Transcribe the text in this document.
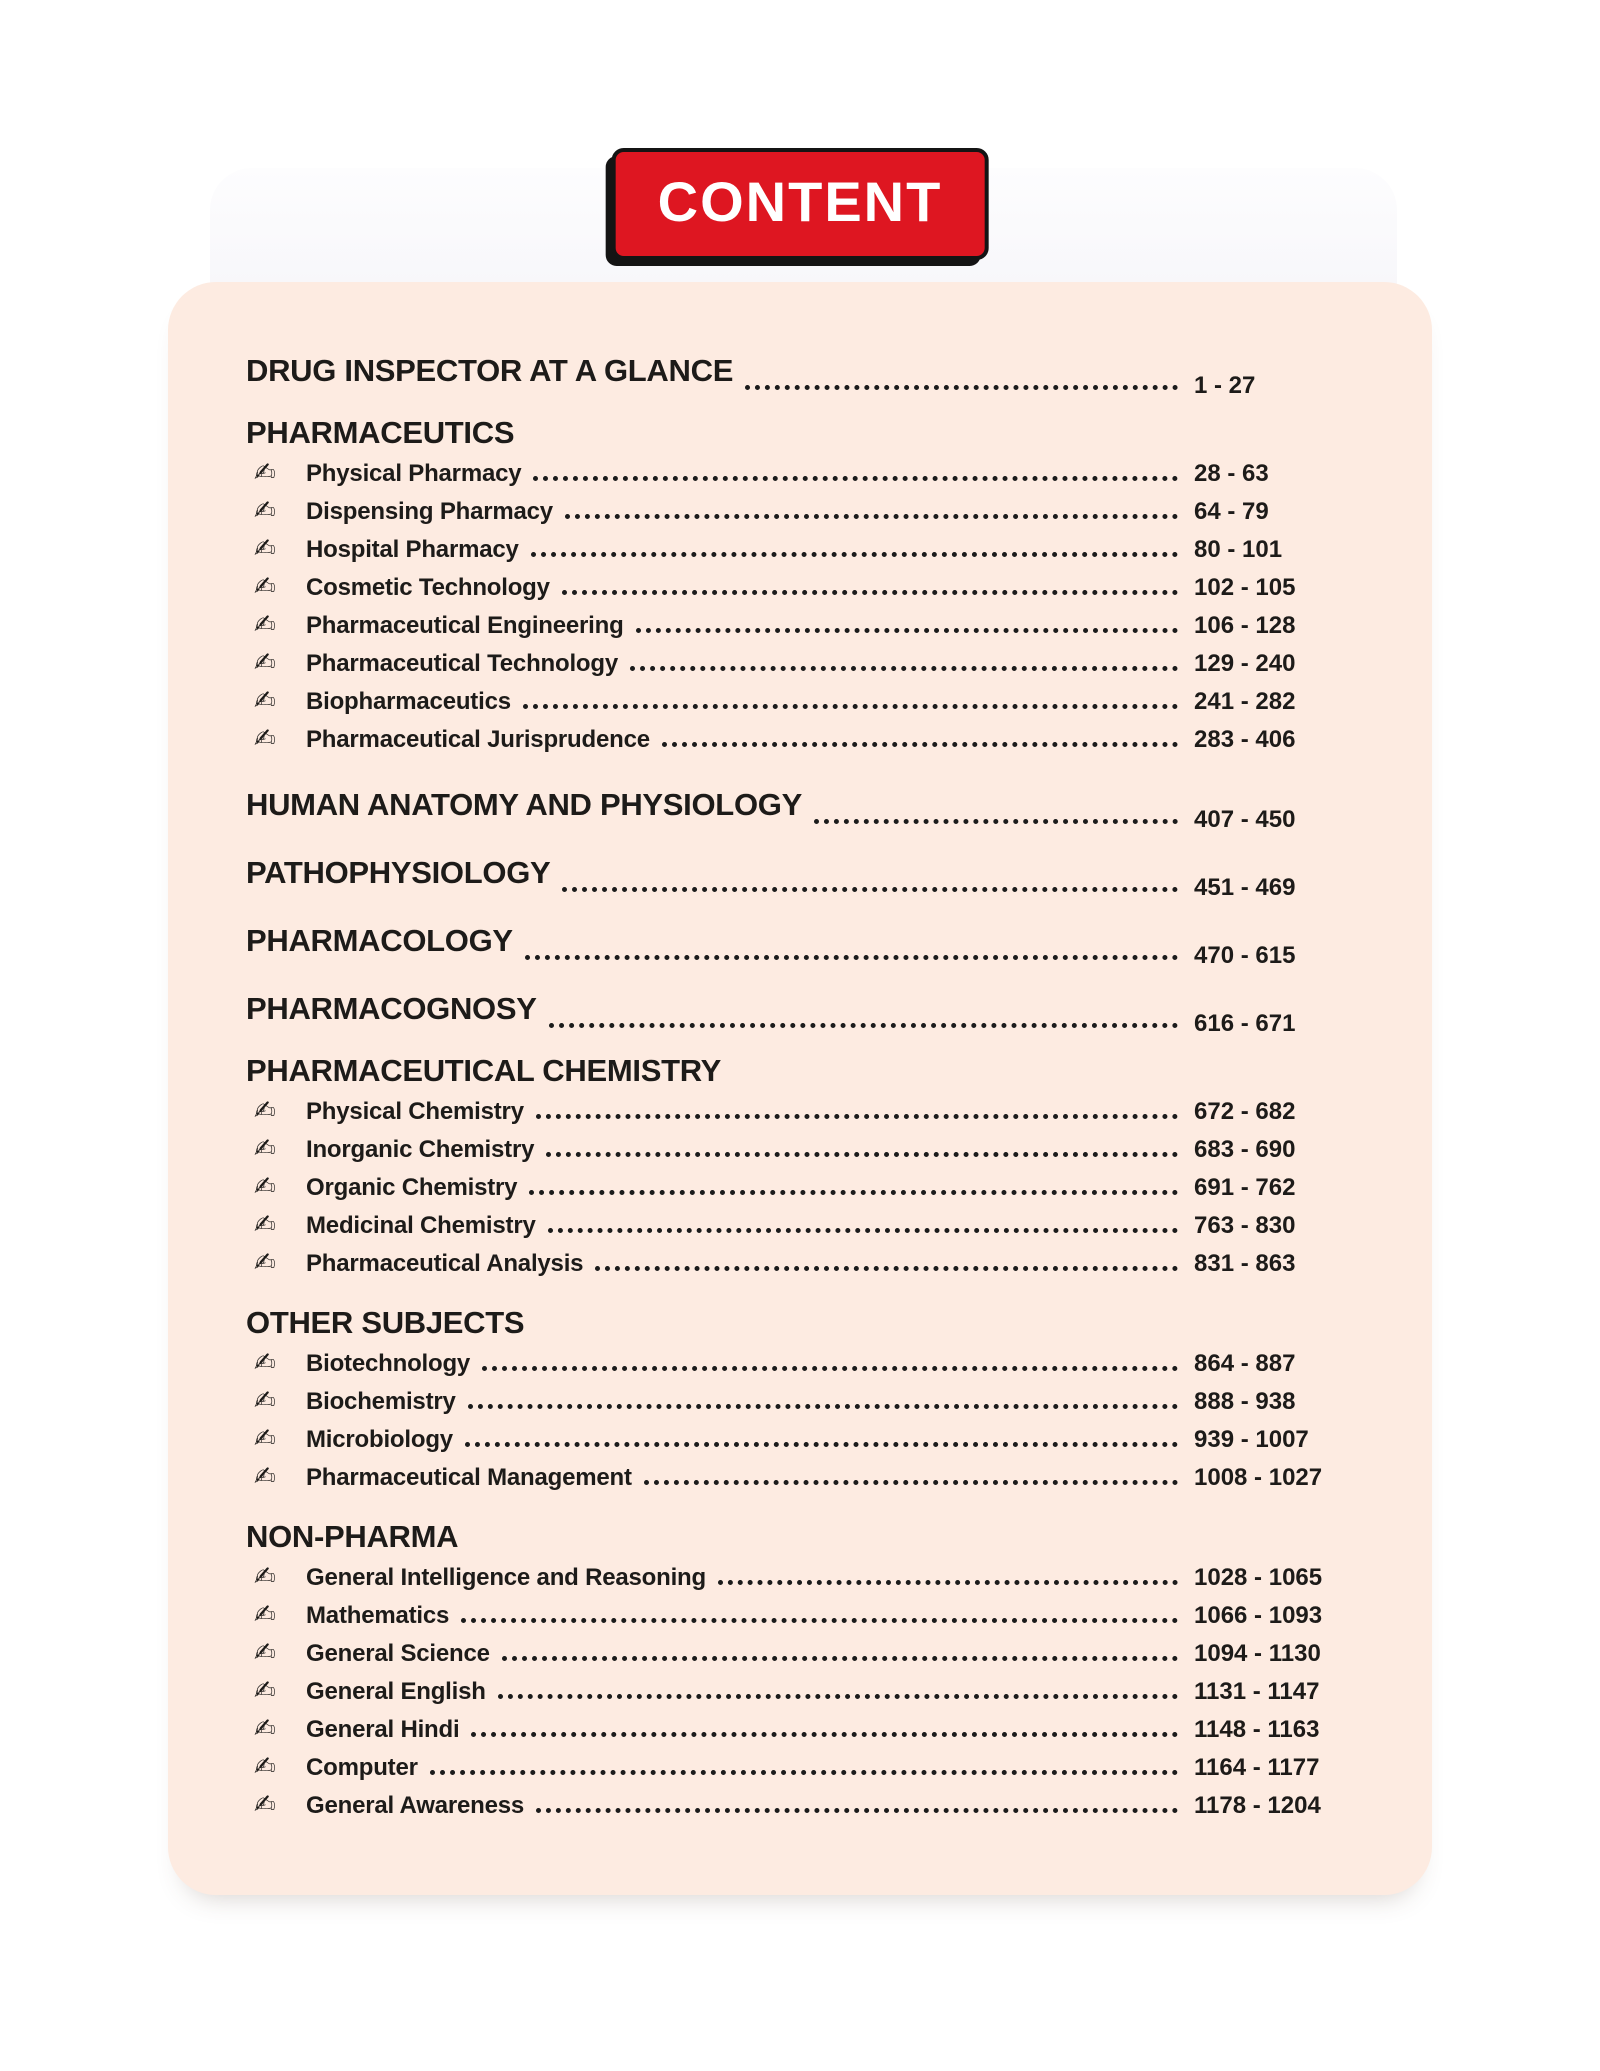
CONTENT
DRUG INSPECTOR AT A GLANCE	1 - 27
PHARMACEUTICS
✍	Physical Pharmacy	28 - 63
✍	Dispensing Pharmacy	64 - 79
✍	Hospital Pharmacy	80 - 101
✍	Cosmetic Technology	102 - 105
✍	Pharmaceutical Engineering	106 - 128
✍	Pharmaceutical Technology	129 - 240
✍	Biopharmaceutics	241 - 282
✍	Pharmaceutical Jurisprudence	283 - 406
HUMAN ANATOMY AND PHYSIOLOGY	407 - 450
PATHOPHYSIOLOGY	451 - 469
PHARMACOLOGY	470 - 615
PHARMACOGNOSY	616 - 671
PHARMACEUTICAL CHEMISTRY
✍	Physical Chemistry	672 - 682
✍	Inorganic Chemistry	683 - 690
✍	Organic Chemistry	691 - 762
✍	Medicinal Chemistry	763 - 830
✍	Pharmaceutical Analysis	831 - 863
OTHER SUBJECTS
✍	Biotechnology	864 - 887
✍	Biochemistry	888 - 938
✍	Microbiology	939 - 1007
✍	Pharmaceutical Management	1008 - 1027
NON-PHARMA
✍	General Intelligence and Reasoning	1028 - 1065
✍	Mathematics	1066 - 1093
✍	General Science	1094 - 1130
✍	General English	1131 - 1147
✍	General Hindi	1148 - 1163
✍	Computer	1164 - 1177
✍	General Awareness	1178 - 1204
